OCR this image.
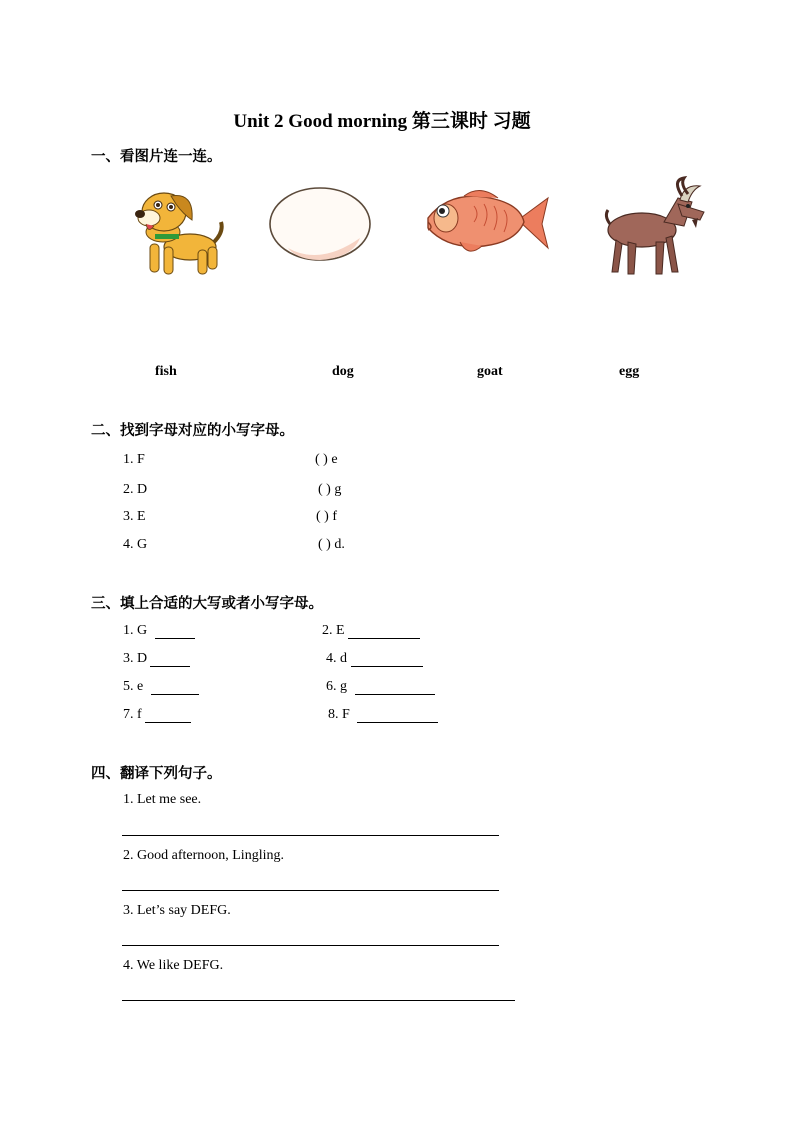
Unit 2 Good morning 第三课时 习题
一、看图片连一连。
fish	dog	goat	egg
二、找到字母对应的小写字母。
1. F	( ) e
2. D	( ) g
3. E	( ) f
4. G	( ) d.
三、填上合适的大写或者小写字母。
1. G	2. E
3. D	4. d
5. e	6. g
7. f	8. F
四、翻译下列句子。
1. Let me see.
2. Good afternoon, Lingling.
3. Let’s say DEFG.
4. We like DEFG.
